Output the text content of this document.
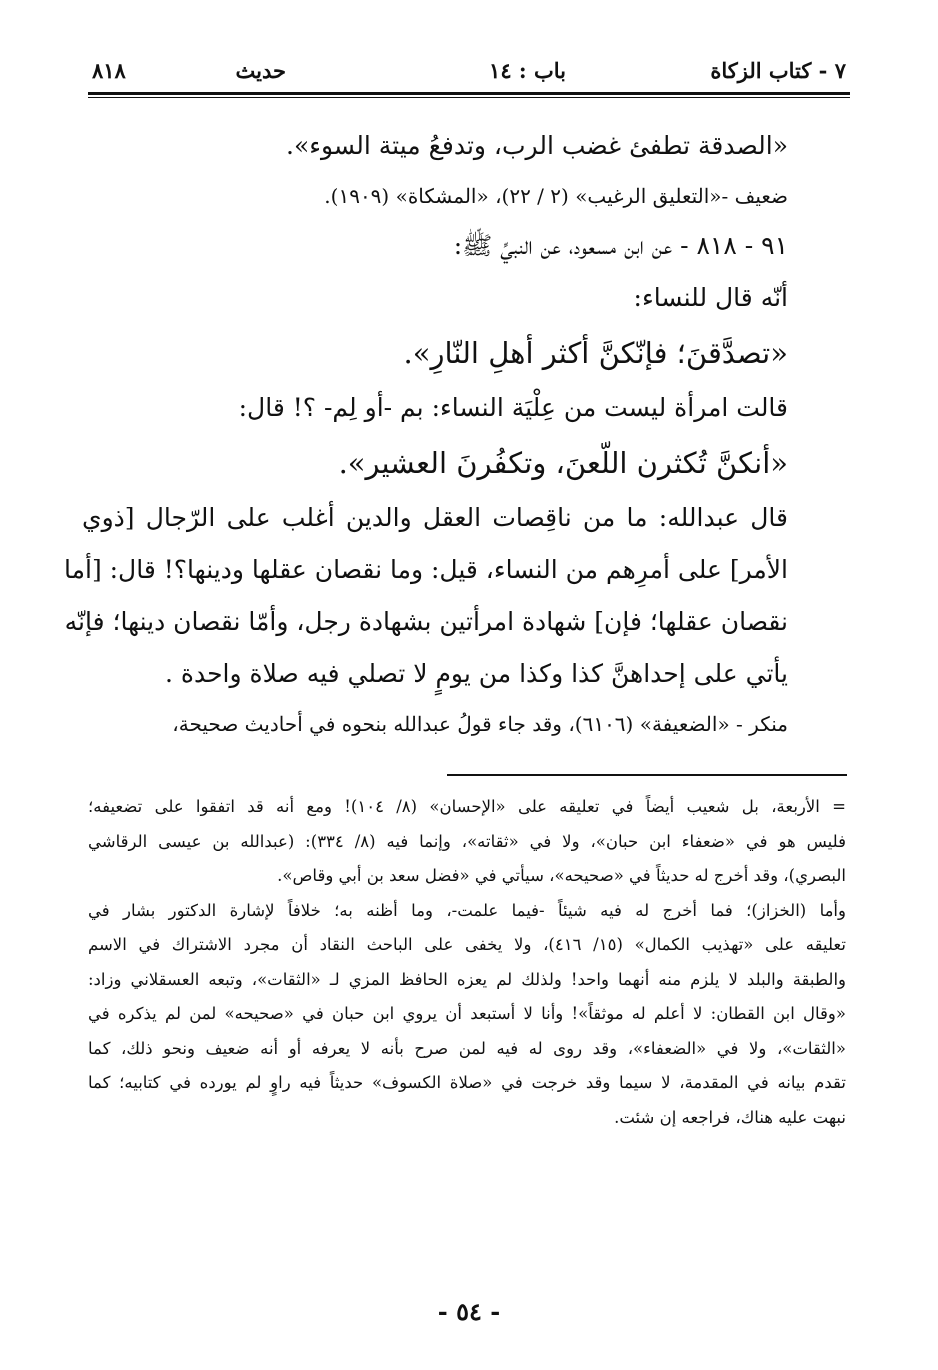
٧ - كتاب الزكاة
باب : ١٤
حديث
٨١٨
«الصدقة تطفئ غضب الرب، وتدفعُ ميتة السوء».
ضعيف -«التعليق الرغيب» (٢ / ٢٢)، «المشكاة» (١٩٠٩).
٩١ - ٨١٨ - عن ابن مسعود، عن النبيِّ ﷺ:
أنّه قال للنساء:
«تصدَّقنَ؛ فإنّكنَّ أكثر أهلِ النّارِ».
قالت امرأة ليست من عِلْيَة النساء: بم -أو لِم- ؟! قال:
«أنكنَّ تُكثرن اللّعنَ، وتكفُرنَ العشير».
قال عبدالله: ما من ناقِصات العقل والدين أغلب على الرّجال [ذوي
الأمر] على أمرِهم من النساء، قيل: وما نقصان عقلها ودينها؟! قال: [أما
نقصان عقلها؛ فإن] شهادة امرأتين بشهادة رجل، وأمّا نقصان دينها؛ فإنّه
يأتي على إحداهنَّ كذا وكذا من يومٍ لا تصلي فيه صلاة واحدة .
منكر - «الضعيفة» (٦١٠٦)، وقد جاء قولُ عبدالله بنحوه في أحاديث صحيحة،
= الأربعة، بل شعيب أيضاً في تعليقه على «الإحسان» (٨/ ١٠٤)! ومع أنه قد اتفقوا على تضعيفه؛
فليس هو في «ضعفاء ابن حبان»، ولا في «ثقاته»، وإنما فيه (٨/ ٣٣٤): (عبدالله بن عيسى الرقاشي
البصري)، وقد أخرج له حديثاً في «صحيحه»، سيأتي في «فضل سعد بن أبي وقاص».
وأما (الخزاز)؛ فما أخرج له فيه شيئاً -فيما علمت-، وما أظنه به؛ خلافاً لإشارة الدكتور بشار في
تعليقه على «تهذيب الكمال» (١٥/ ٤١٦)، ولا يخفى على الباحث النقاد أن مجرد الاشتراك في الاسم
والطبقة والبلد لا يلزم منه أنهما واحد! ولذلك لم يعزه الحافظ المزي لـ «الثقات»، وتبعه العسقلاني وزاد:
«وقال ابن القطان: لا أعلم له موثقاً»! وأنا لا أستبعد أن يروي ابن حبان في «صحيحه» لمن لم يذكره في
«الثقات»، ولا في «الضعفاء»، وقد روى له فيه لمن صرح بأنه لا يعرفه أو أنه ضعيف ونحو ذلك، كما
تقدم بيانه في المقدمة، لا سيما وقد خرجت في «صلاة الكسوف» حديثاً فيه راوٍ لم يورده في كتابيه؛ كما
نبهت عليه هناك، فراجعه إن شئت.
- ٥٤ -
